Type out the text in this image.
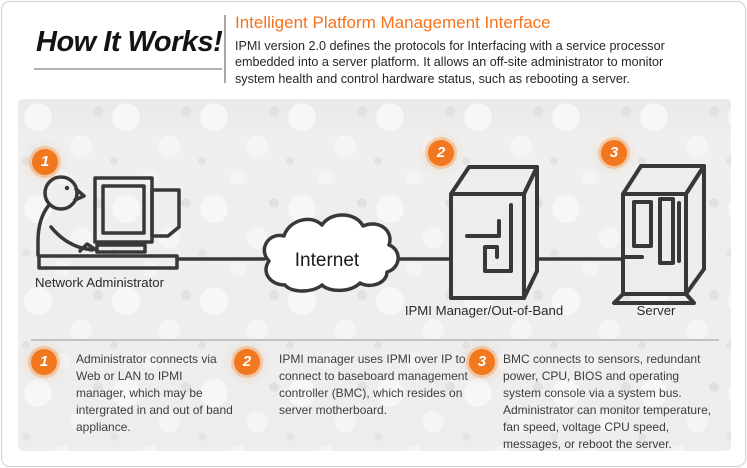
How It Works!
Intelligent Platform Management Interface

IPMI version 2.0 defines the protocols for Interfacing with a service processor embedded into a server platform. It allows an off-site administrator to monitor system health and control hardware status, such as rebooting a server.

Internet
1
2	3
Network Administrator
IPMI Manager/Out-of-Band	Server
1	Administrator connects via Web or LAN to IPMI manager, which may be intergrated in and out of band appliance.

2	IPMI manager uses IPMI over IP to connect to baseboard management controller (BMC), which resides on server motherboard.

3	BMC connects to sensors, redundant power, CPU, BIOS and operating system console via a system bus. Administrator can monitor temperature, fan speed, voltage CPU speed, messages, or reboot the server.
